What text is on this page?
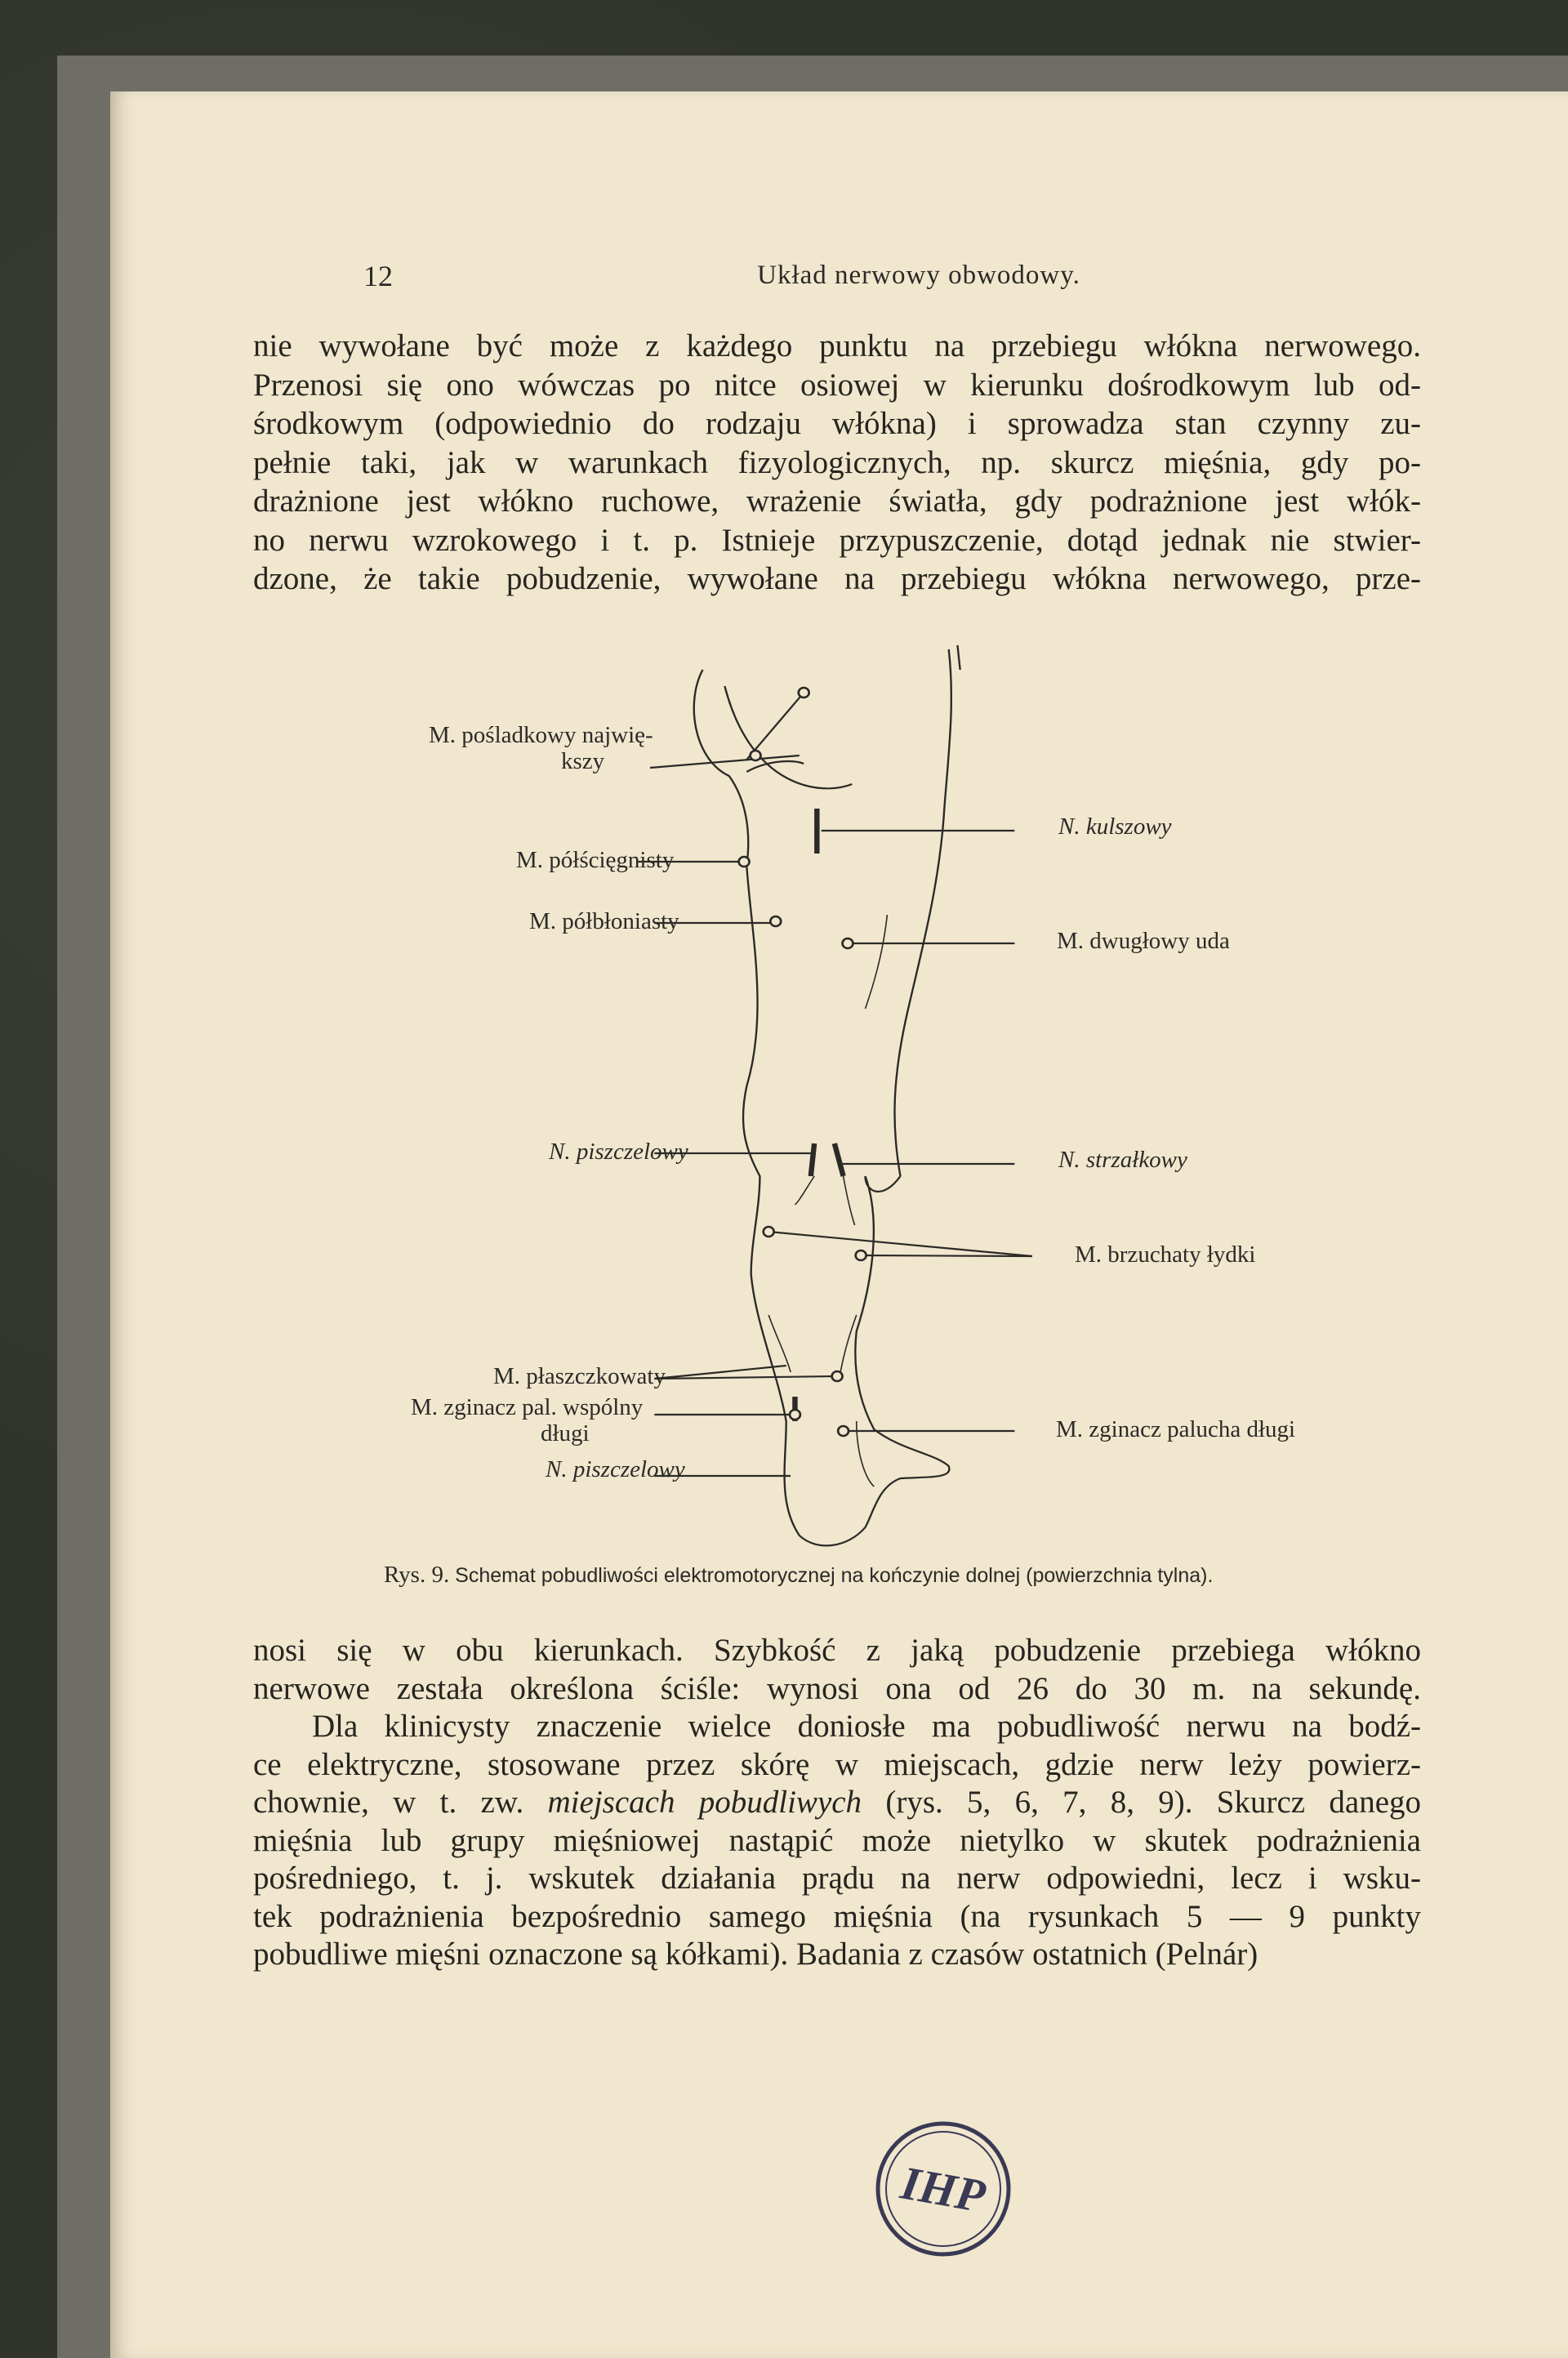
12	Układ nerwowy obwodowy.
nie wywołane być może z każdego punktu na przebiegu włókna nerwowego.
Przenosi się ono wówczas po nitce osiowej w kierunku dośrodkowym lub od-
środkowym (odpowiednio do rodzaju włókna) i sprowadza stan czynny zu-
pełnie taki, jak w warunkach fizyologicznych, np. skurcz mięśnia, gdy po-
drażnione jest włókno ruchowe, wrażenie światła, gdy podrażnione jest włók-
no nerwu wzrokowego i t. p. Istnieje przypuszczenie, dotąd jednak nie stwier-
dzone, że takie pobudzenie, wywołane na przebiegu włókna nerwowego, prze-
M. pośladkowy najwię-
kszy
M. półścięgnisty
M. półbłoniasty
N. piszczelowy
M. płaszczkowaty
M. zginacz pal. wspólny
długi
N. piszczelowy
N. kulszowy
M. dwugłowy uda
N. strzałkowy
M. brzuchaty łydki
M. zginacz palucha długi
Rys. 9. Schemat pobudliwości elektromotorycznej na kończynie dolnej (powierzchnia tylna).
nosi się w obu kierunkach. Szybkość z jaką pobudzenie przebiega włókno
nerwowe zestała określona ściśle: wynosi ona od 26 do 30 m. na sekundę.
Dla klinicysty znaczenie wielce doniosłe ma pobudliwość nerwu na bodź-
ce elektryczne, stosowane przez skórę w miejscach, gdzie nerw leży powierz-
chownie, w t. zw. miejscach pobudliwych (rys. 5, 6, 7, 8, 9). Skurcz danego
mięśnia lub grupy mięśniowej nastąpić może nietylko w skutek podrażnienia
pośredniego, t. j. wskutek działania prądu na nerw odpowiedni, lecz i wsku-
tek podrażnienia bezpośrednio samego mięśnia (na rysunkach 5 — 9 punkty
pobudliwe mięśni oznaczone są kółkami). Badania z czasów ostatnich (Pelnár)
IHP
